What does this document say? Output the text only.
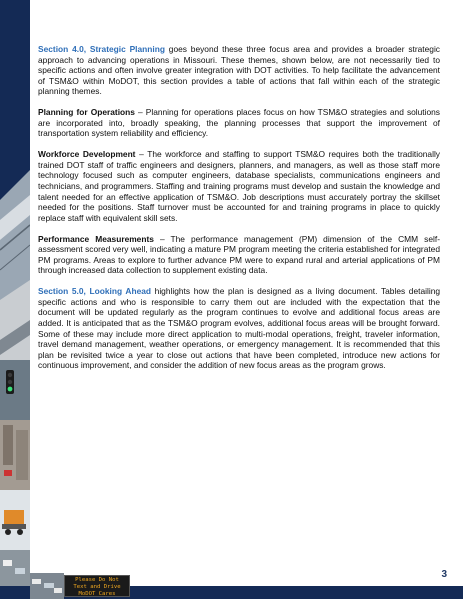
Please Do Not
Text and Drive
MoDOT Cares
3

Section 4.0, Strategic Planning goes beyond these three focus area and provides a broader strategic approach to advancing operations in Missouri. These themes, shown below, are not necessarily tied to specific actions and often involve greater integration with DOT activities. To help facilitate the advancement of TSM&O within MoDOT, this section provides a table of actions that fall within each of the strategic planning themes.

Planning for Operations – Planning for operations places focus on how TSM&O strategies and solutions are incorporated into, broadly speaking, the planning processes that support the improvement of transportation system reliability and efficiency.

Workforce Development – The workforce and staffing to support TSM&O requires both the traditionally trained DOT staff of traffic engineers and designers, planners, and managers, as well as those staff more technology focused such as computer engineers, database specialists, communications engineers and technicians, and programmers. Staffing and training programs must develop and sustain the knowledge and talent needed for an effective application of TSM&O. Job descriptions must accurately portray the skillset needed for the positions. Staff turnover must be accounted for and training programs in place to quickly replace staff with equivalent skill sets.

Performance Measurements – The performance management (PM) dimension of the CMM self-assessment scored very well, indicating a mature PM program meeting the criteria established for integrated PM programs. Areas to explore to further advance PM were to expand rural and arterial applications of PM through increased data collection to supplement existing data.

Section 5.0, Looking Ahead highlights how the plan is designed as a living document. Tables detailing specific actions and who is responsible to carry them out are included with the expectation that the document will be updated regularly as the program continues to evolve and additional focus areas are added. It is anticipated that as the TSM&O program evolves, additional focus areas will be brought forward. Some of these may include more direct application to multi-modal operations, freight, traveler information, travel demand management, weather operations, or emergency management. It is recommended that this plan be revisited twice a year to close out actions that have been completed, introduce new actions for continuous improvement, and consider the addition of new focus areas as the program grows.
